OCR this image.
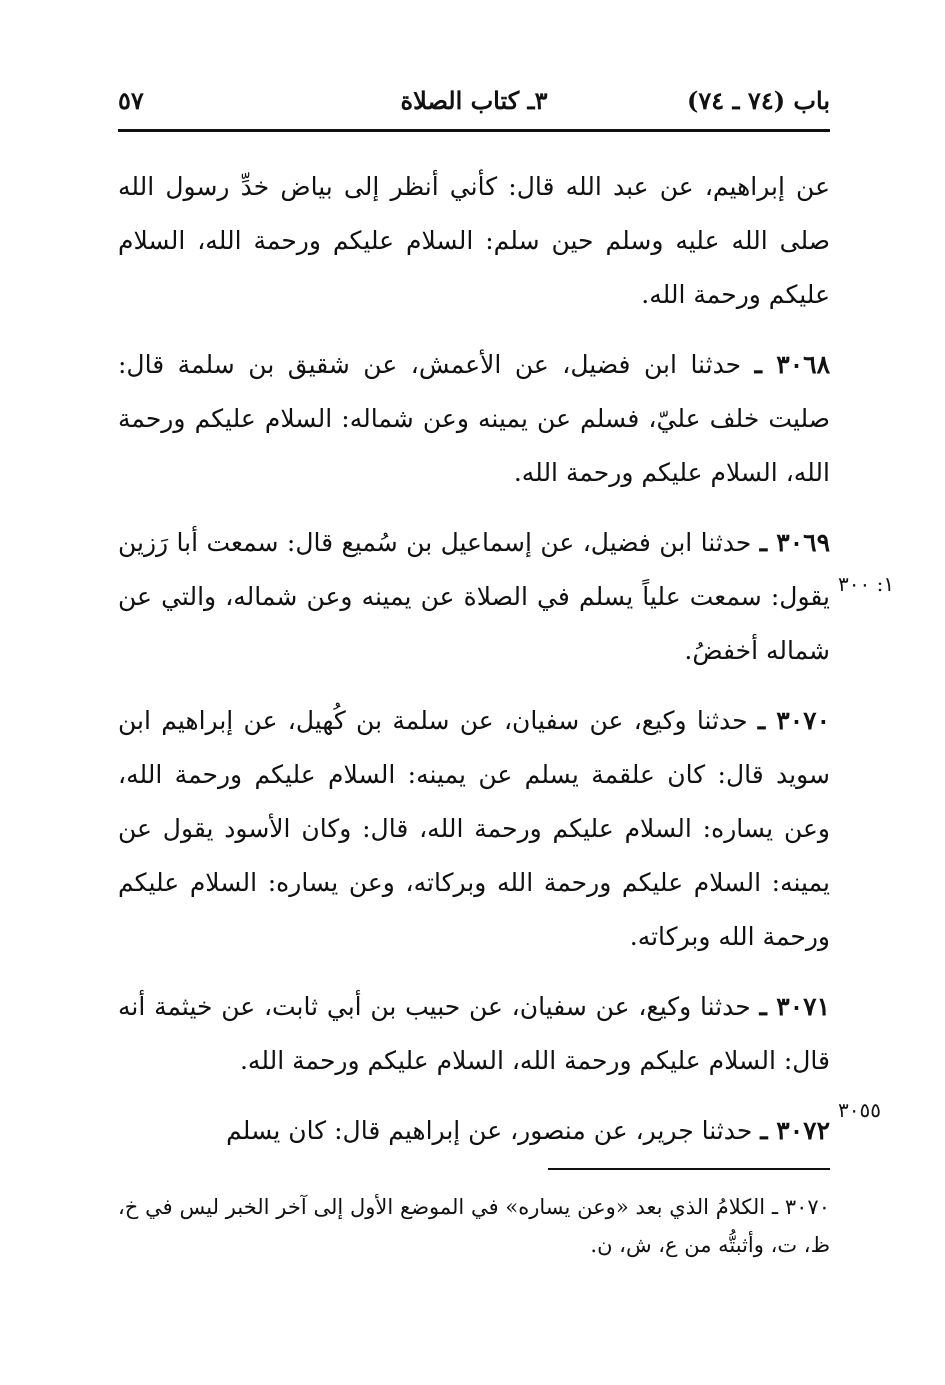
٥٧	٣ـ كتاب الصلاة	باب (٧٤ ـ ٧٤)

عن إبراهيم، عن عبد الله قال: كأني أنظر إلى بياض خدِّ رسول الله صلى الله عليه وسلم حين سلم: السلام عليكم ورحمة الله، السلام عليكم ورحمة الله.

٣٠٦٨ ـ حدثنا ابن فضيل، عن الأعمش، عن شقيق بن سلمة قال: صليت خلف عليّ، فسلم عن يمينه وعن شماله: السلام عليكم ورحمة الله، السلام عليكم ورحمة الله.

٣٠٦٩ ـ حدثنا ابن فضيل، عن إسماعيل بن سُميع قال: سمعت أبا رَزين يقول: سمعت علياً يسلم في الصلاة عن يمينه وعن شماله، والتي عن شماله أخفضُ.

٣٠٧٠ ـ حدثنا وكيع، عن سفيان، عن سلمة بن كُهيل، عن إبراهيم ابن سويد قال: كان علقمة يسلم عن يمينه: السلام عليكم ورحمة الله، وعن يساره: السلام عليكم ورحمة الله، قال: وكان الأسود يقول عن يمينه: السلام عليكم ورحمة الله وبركاته، وعن يساره: السلام عليكم ورحمة الله وبركاته.

٣٠٧١ ـ حدثنا وكيع، عن سفيان، عن حبيب بن أبي ثابت، عن خيثمة أنه قال: السلام عليكم ورحمة الله، السلام عليكم ورحمة الله.

٣٠٧٢ ـ حدثنا جرير، عن منصور، عن إبراهيم قال: كان يسلم

١: ٣٠٠
٣٠٥٥
٣٠٧٠ ـ الكلامُ الذي بعد «وعن يساره» في الموضع الأول إلى آخر الخبر ليس في خ، ظ، ت، وأثبتُّه من ع، ش، ن.
